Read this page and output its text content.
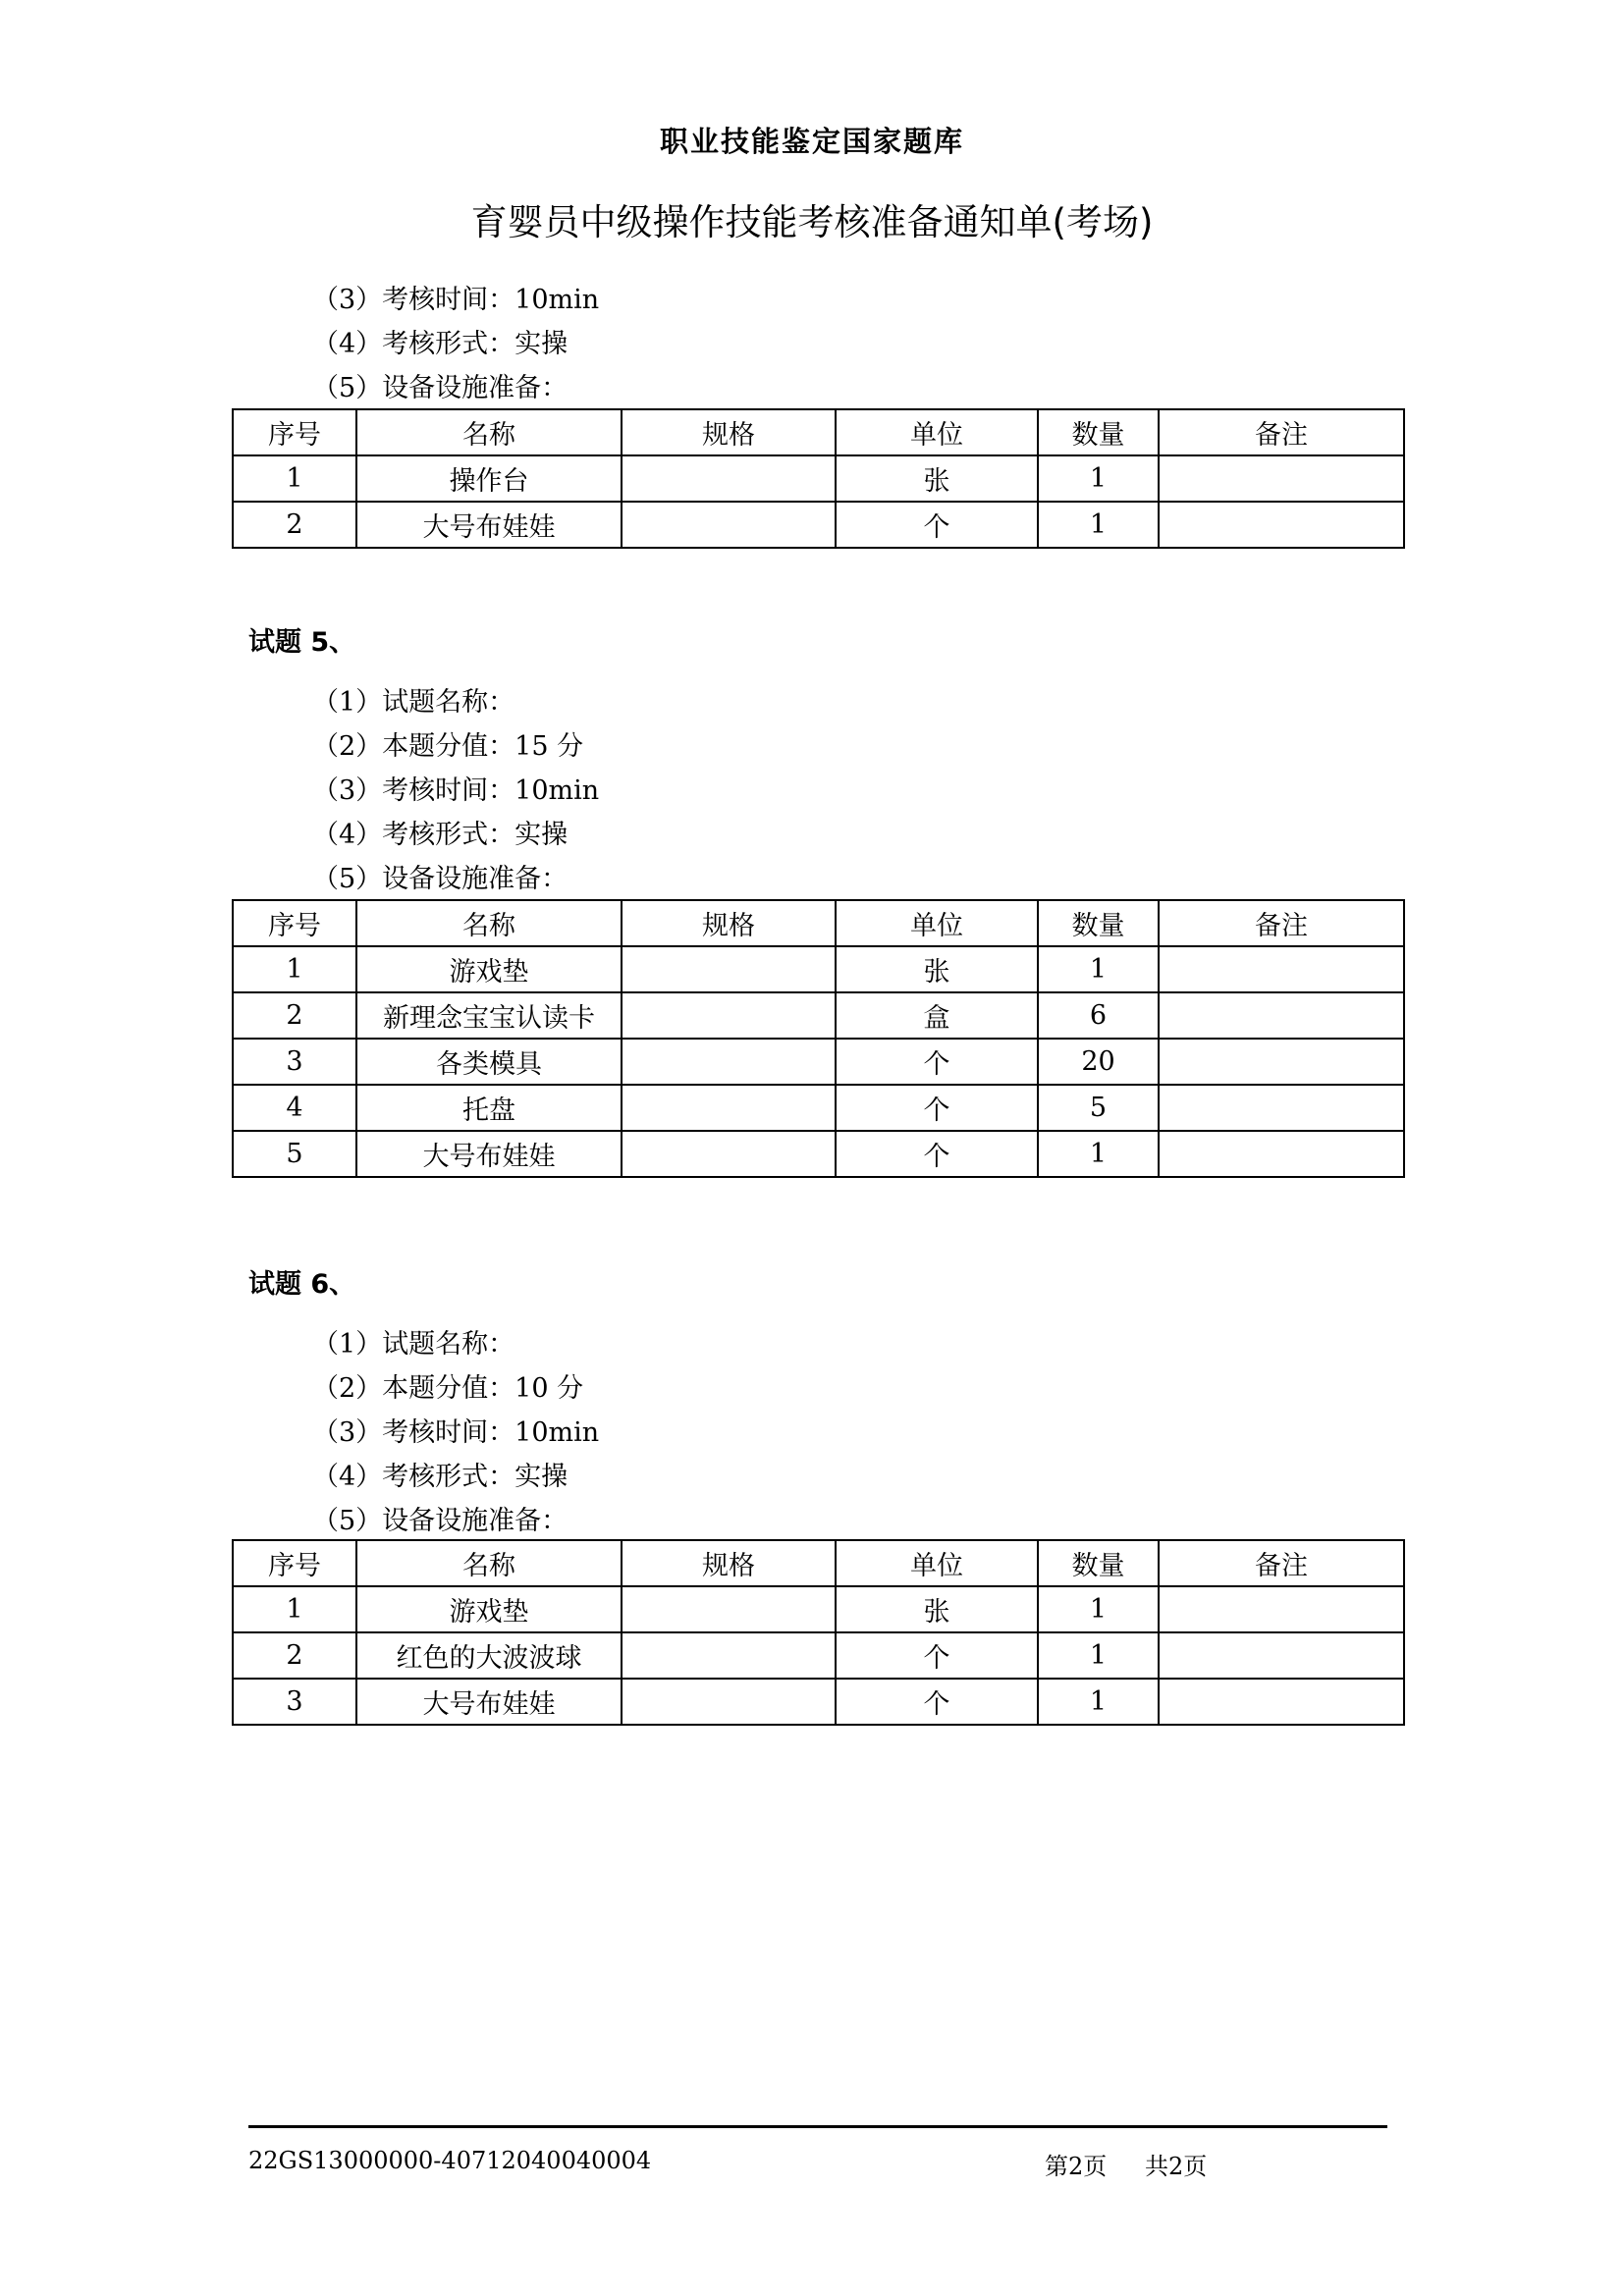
职业技能鉴定国家题库
育婴员中级操作技能考核准备通知单(考场)
（3）考核时间：10min
（4）考核形式：实操
（5）设备设施准备：
序号	名称	规格	单位	数量	备注
1	操作台		张	1	
2	大号布娃娃		个	1	
试题 5、
（1）试题名称：
（2）本题分值：15 分
（3）考核时间：10min
（4）考核形式：实操
（5）设备设施准备：
序号	名称	规格	单位	数量	备注
1	游戏垫		张	1	
2	新理念宝宝认读卡		盒	6	
3	各类模具		个	20	
4	托盘		个	5	
5	大号布娃娃		个	1	
试题 6、
（1）试题名称：
（2）本题分值：10 分
（3）考核时间：10min
（4）考核形式：实操
（5）设备设施准备：
序号	名称	规格	单位	数量	备注
1	游戏垫		张	1	
2	红色的大波波球		个	1	
3	大号布娃娃		个	1	
22GS13000000-40712040040004	第2页 共2页
